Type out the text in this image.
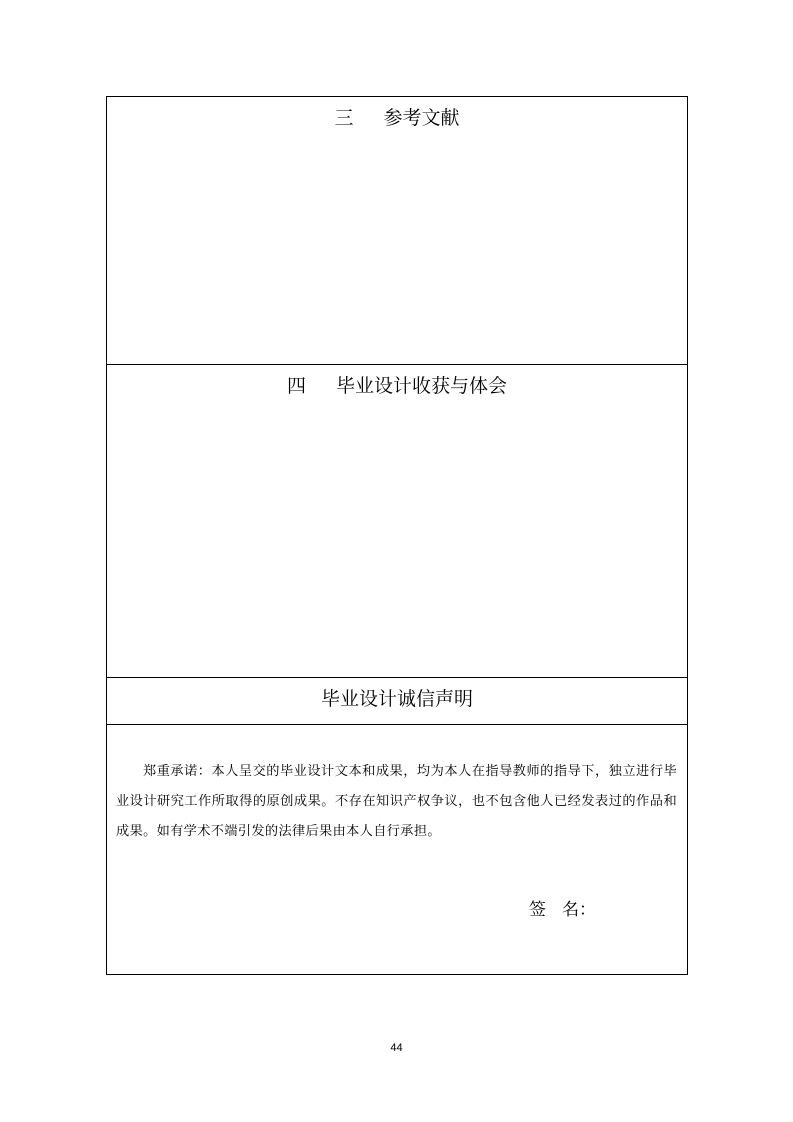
三 参考文献
四 毕业设计收获与体会
毕业设计诚信声明

郑重承诺：本人呈交的毕业设计文本和成果，均为本人在指导教师的指导下，独立进行毕业设计研究工作所取得的原创成果。不存在知识产权争议，也不包含他人已经发表过的作品和成果。如有学术不端引发的法律后果由本人自行承担。

签 名：
44
